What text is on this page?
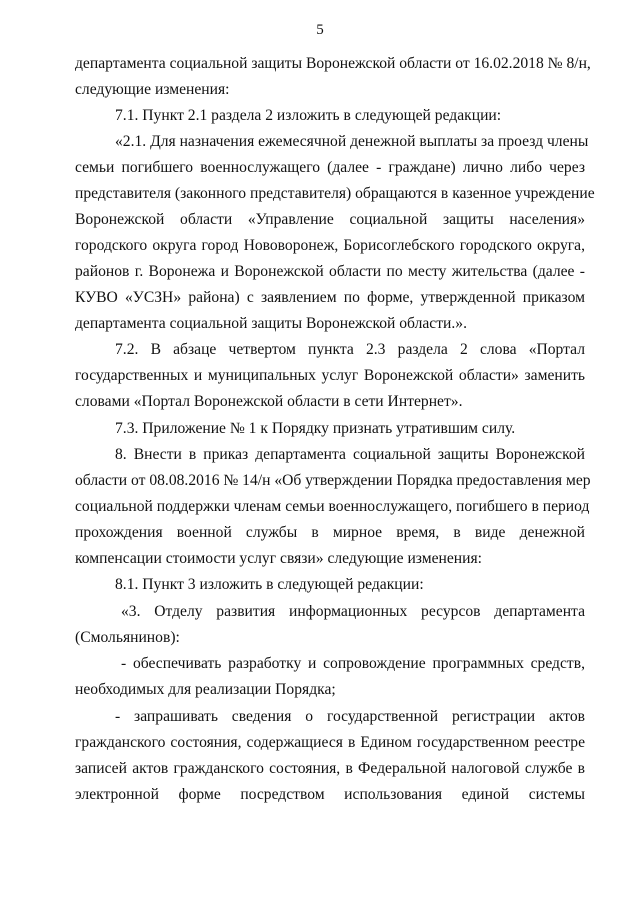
5
департамента социальной защиты Воронежской области от 16.02.2018 № 8/н,
следующие изменения:
7.1. Пункт 2.1 раздела 2 изложить в следующей редакции:
«2.1. Для назначения ежемесячной денежной выплаты за проезд члены
семьи погибшего военнослужащего (далее - граждане) лично либо через
представителя (законного представителя) обращаются в казенное учреждение
Воронежской области «Управление социальной защиты населения»
городского округа город Нововоронеж, Борисоглебского городского округа,
районов г. Воронежа и Воронежской области по месту жительства (далее -
КУВО «УСЗН» района) с заявлением по форме, утвержденной приказом
департамента социальной защиты Воронежской области.».
7.2. В абзаце четвертом пункта 2.3 раздела 2 слова «Портал
государственных и муниципальных услуг Воронежской области» заменить
словами «Портал Воронежской области в сети Интернет».
7.3. Приложение № 1 к Порядку признать утратившим силу.
8. Внести в приказ департамента социальной защиты Воронежской
области от 08.08.2016 № 14/н «Об утверждении Порядка предоставления мер
социальной поддержки членам семьи военнослужащего, погибшего в период
прохождения военной службы в мирное время, в виде денежной
компенсации стоимости услуг связи» следующие изменения:
8.1. Пункт 3 изложить в следующей редакции:
«3. Отделу развития информационных ресурсов департамента
(Смольянинов):
- обеспечивать разработку и сопровождение программных средств,
необходимых для реализации Порядка;
- запрашивать сведения о государственной регистрации актов
гражданского состояния, содержащиеся в Едином государственном реестре
записей актов гражданского состояния, в Федеральной налоговой службе в
электронной форме посредством использования единой системы
